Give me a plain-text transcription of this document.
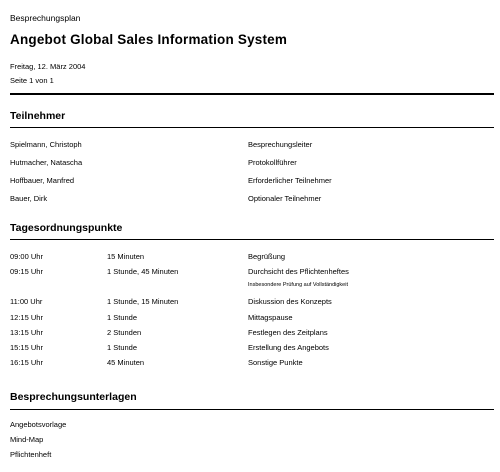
Besprechungsplan
Angebot Global Sales Information System
Freitag, 12. März 2004
Seite 1 von 1
Teilnehmer
Spielmann, Christoph	Besprechungsleiter
Hutmacher, Natascha	Protokollführer
Hoffbauer, Manfred	Erforderlicher Teilnehmer
Bauer, Dirk	Optionaler Teilnehmer
Tagesordnungspunkte
09:00 Uhr	15 Minuten	Begrüßung
09:15 Uhr	1 Stunde, 45 Minuten	Durchsicht des Pflichtenheftes
Insbesondere Prüfung auf Vollständigkeit
11:00 Uhr	1 Stunde, 15 Minuten	Diskussion des Konzepts
12:15 Uhr	1 Stunde	Mittagspause
13:15 Uhr	2 Stunden	Festlegen des Zeitplans
15:15 Uhr	1 Stunde	Erstellung des Angebots
16:15 Uhr	45 Minuten	Sonstige Punkte
Besprechungsunterlagen
Angebotsvorlage
Mind-Map
Pflichtenheft
